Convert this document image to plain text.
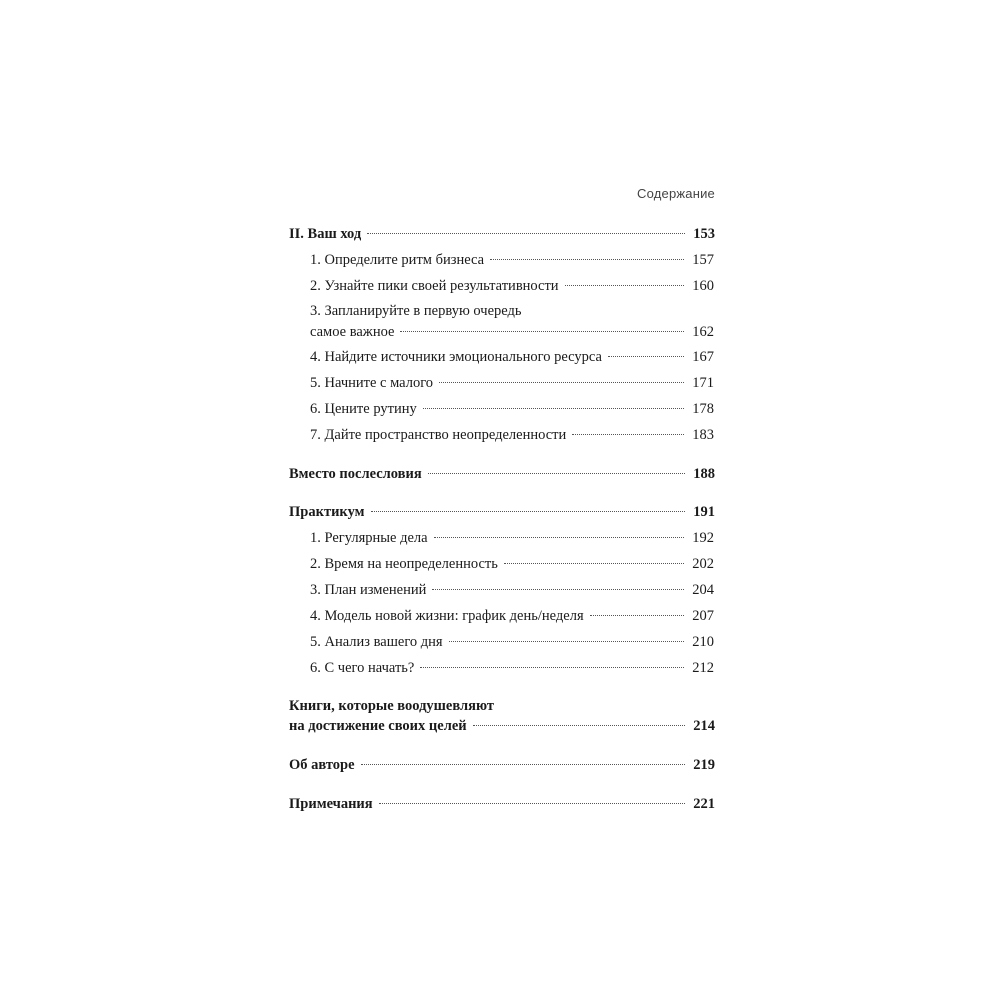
Содержание
II. Ваш ход	153
1. Определите ритм бизнеса	157
2. Узнайте пики своей результативности	160
3. Запланируйте в первую очередь
самое важное	162
4. Найдите источники эмоционального ресурса	167
5. Начните с малого	171
6. Цените рутину	178
7. Дайте пространство неопределенности	183
Вместо послесловия	188
Практикум	191
1. Регулярные дела	192
2. Время на неопределенность	202
3. План изменений	204
4. Модель новой жизни: график день/неделя	207
5. Анализ вашего дня	210
6. С чего начать?	212
Книги, которые воодушевляют
на достижение своих целей	214
Об авторе	219
Примечания	221
